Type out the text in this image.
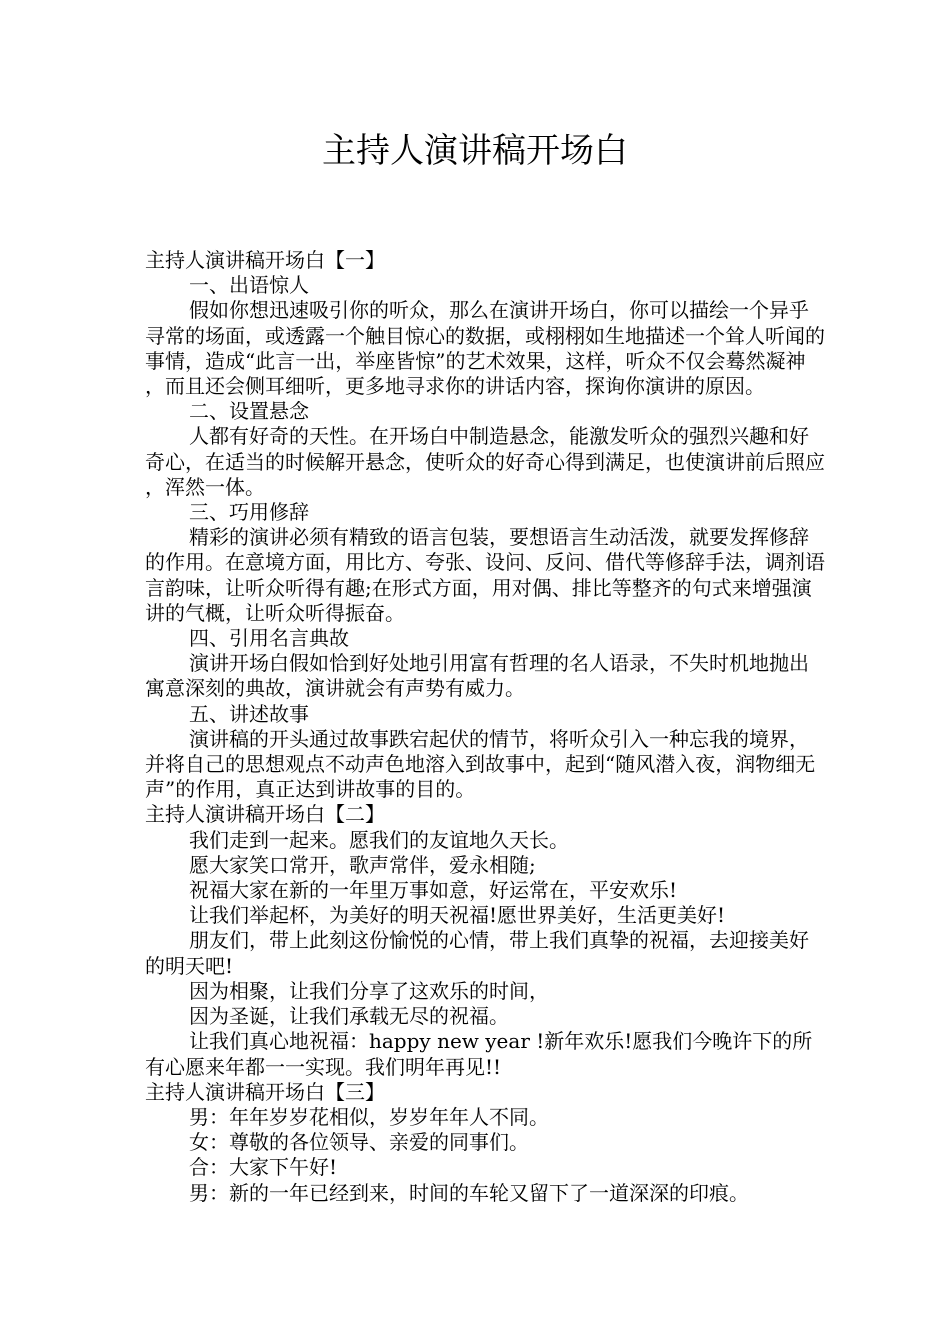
主持人演讲稿开场白

主持人演讲稿开场白【一】

一、出语惊人

假如你想迅速吸引你的听众，那么在演讲开场白，你可以描绘一个异乎寻常的场面，或透露一个触目惊心的数据，或栩栩如生地描述一个耸人听闻的事情，造成“此言一出，举座皆惊”的艺术效果，这样，听众不仅会蓦然凝神，而且还会侧耳细听，更多地寻求你的讲话内容，探询你演讲的原因。

二、设置悬念

人都有好奇的天性。在开场白中制造悬念，能激发听众的强烈兴趣和好奇心，在适当的时候解开悬念，使听众的好奇心得到满足，也使演讲前后照应，浑然一体。

三、巧用修辞

精彩的演讲必须有精致的语言包装，要想语言生动活泼，就要发挥修辞的作用。在意境方面，用比方、夸张、设问、反问、借代等修辞手法，调剂语言韵味，让听众听得有趣;在形式方面，用对偶、排比等整齐的句式来增强演讲的气概，让听众听得振奋。

四、引用名言典故

演讲开场白假如恰到好处地引用富有哲理的名人语录，不失时机地抛出寓意深刻的典故，演讲就会有声势有威力。

五、讲述故事

演讲稿的开头通过故事跌宕起伏的情节，将听众引入一种忘我的境界，并将自己的思想观点不动声色地溶入到故事中，起到“随风潜入夜，润物细无声”的作用，真正达到讲故事的目的。

主持人演讲稿开场白【二】

我们走到一起来。愿我们的友谊地久天长。

愿大家笑口常开，歌声常伴，爱永相随;

祝福大家在新的一年里万事如意，好运常在，平安欢乐!

让我们举起杯，为美好的明天祝福!愿世界美好，生活更美好!

朋友们，带上此刻这份愉悦的心情，带上我们真挚的祝福，去迎接美好的明天吧!

因为相聚，让我们分享了这欢乐的时间，

因为圣诞，让我们承载无尽的祝福。

让我们真心地祝福：happy new year !新年欢乐!愿我们今晚许下的所有心愿来年都一一实现。我们明年再见!!

主持人演讲稿开场白【三】

男：年年岁岁花相似，岁岁年年人不同。

女：尊敬的各位领导、亲爱的同事们。

合：大家下午好!

男：新的一年已经到来，时间的车轮又留下了一道深深的印痕。
